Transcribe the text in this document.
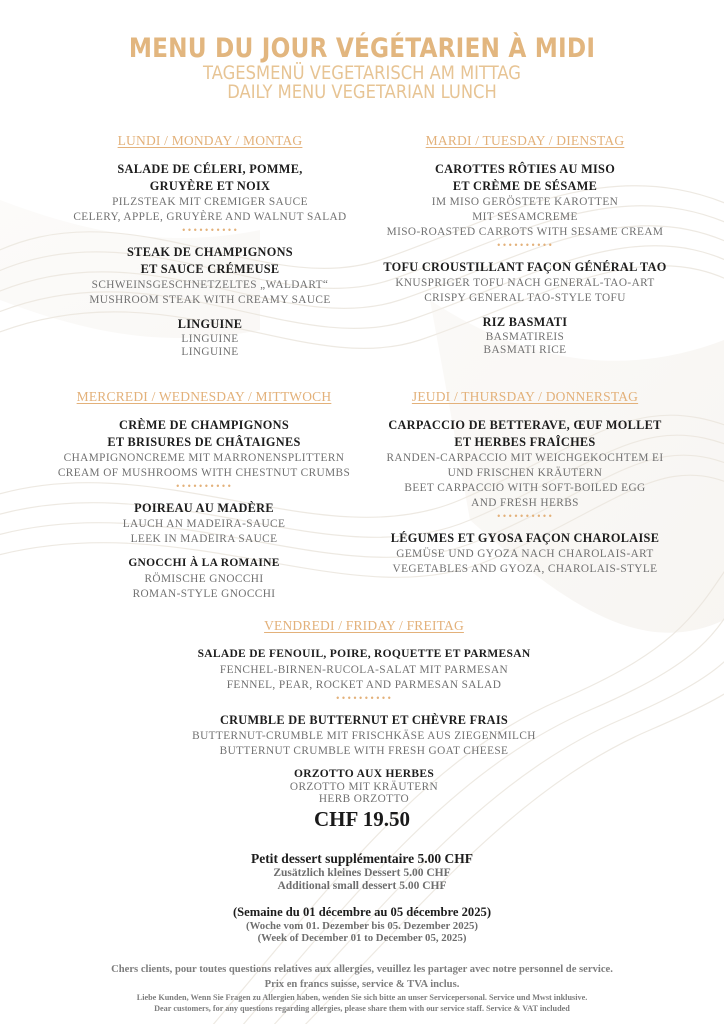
MENU DU JOUR VÉGÉTARIEN À MIDI
TAGESMENÜ VEGETARISCH AM MITTAG
DAILY MENU VEGETARIAN LUNCH
LUNDI / MONDAY / MONTAG
SALADE DE CÉLERI, POMME,
GRUYÈRE ET NOIX
PILZSTEAK MIT CREMIGER SAUCE
CELERY, APPLE, GRUYÈRE AND WALNUT SALAD
••••••••••
STEAK DE CHAMPIGNONS
ET SAUCE CRÉMEUSE
SCHWEINSGESCHNETZELTES „WALDART“
MUSHROOM STEAK WITH CREAMY SAUCE
LINGUINE
LINGUINE
LINGUINE
MARDI / TUESDAY / DIENSTAG
CAROTTES RÔTIES AU MISO
ET CRÈME DE SÉSAME
IM MISO GERÖSTETE KAROTTEN
MIT SESAMCREME
MISO-ROASTED CARROTS WITH SESAME CREAM
••••••••••
TOFU CROUSTILLANT FAÇON GÉNÉRAL TAO
KNUSPRIGER TOFU NACH GENERAL-TAO-ART
CRISPY GENERAL TAO-STYLE TOFU
RIZ BASMATI
BASMATIREIS
BASMATI RICE
MERCREDI / WEDNESDAY / MITTWOCH
CRÈME DE CHAMPIGNONS
ET BRISURES DE CHÂTAIGNES
CHAMPIGNONCREME MIT MARRONENSPLITTERN
CREAM OF MUSHROOMS WITH CHESTNUT CRUMBS
••••••••••
POIREAU AU MADÈRE
LAUCH AN MADEIRA-SAUCE
LEEK IN MADEIRA SAUCE
GNOCCHI À LA ROMAINE
RÖMISCHE GNOCCHI
ROMAN-STYLE GNOCCHI
JEUDI / THURSDAY / DONNERSTAG
CARPACCIO DE BETTERAVE, ŒUF MOLLET
ET HERBES FRAÎCHES
RANDEN-CARPACCIO MIT WEICHGEKOCHTEM EI
UND FRISCHEN KRÄUTERN
BEET CARPACCIO WITH SOFT-BOILED EGG
AND FRESH HERBS
••••••••••
LÉGUMES ET GYOSA FAÇON CHAROLAISE
GEMÜSE UND GYOZA NACH CHAROLAIS-ART
VEGETABLES AND GYOZA, CHAROLAIS-STYLE
VENDREDI / FRIDAY / FREITAG
SALADE DE FENOUIL, POIRE, ROQUETTE ET PARMESAN
FENCHEL-BIRNEN-RUCOLA-SALAT MIT PARMESAN
FENNEL, PEAR, ROCKET AND PARMESAN SALAD
••••••••••
CRUMBLE DE BUTTERNUT ET CHÈVRE FRAIS
BUTTERNUT-CRUMBLE MIT FRISCHKÄSE AUS ZIEGENMILCH
BUTTERNUT CRUMBLE WITH FRESH GOAT CHEESE
ORZOTTO AUX HERBES
ORZOTTO MIT KRÄUTERN
HERB ORZOTTO
CHF 19.50
Petit dessert supplémentaire 5.00 CHF
Zusätzlich kleines Dessert 5.00 CHF
Additional small dessert 5.00 CHF
(Semaine du 01 décembre au 05 décembre 2025)
(Woche vom 01. Dezember bis 05. Dezember 2025)
(Week of December 01 to December 05, 2025)
Chers clients, pour toutes questions relatives aux allergies, veuillez les partager avec notre personnel de service.
Prix en francs suisse, service & TVA inclus.
Liebe Kunden, Wenn Sie Fragen zu Allergien haben, wenden Sie sich bitte an unser Servicepersonal. Service und Mwst inklusive.
Dear customers, for any questions regarding allergies, please share them with our service staff. Service & VAT included
